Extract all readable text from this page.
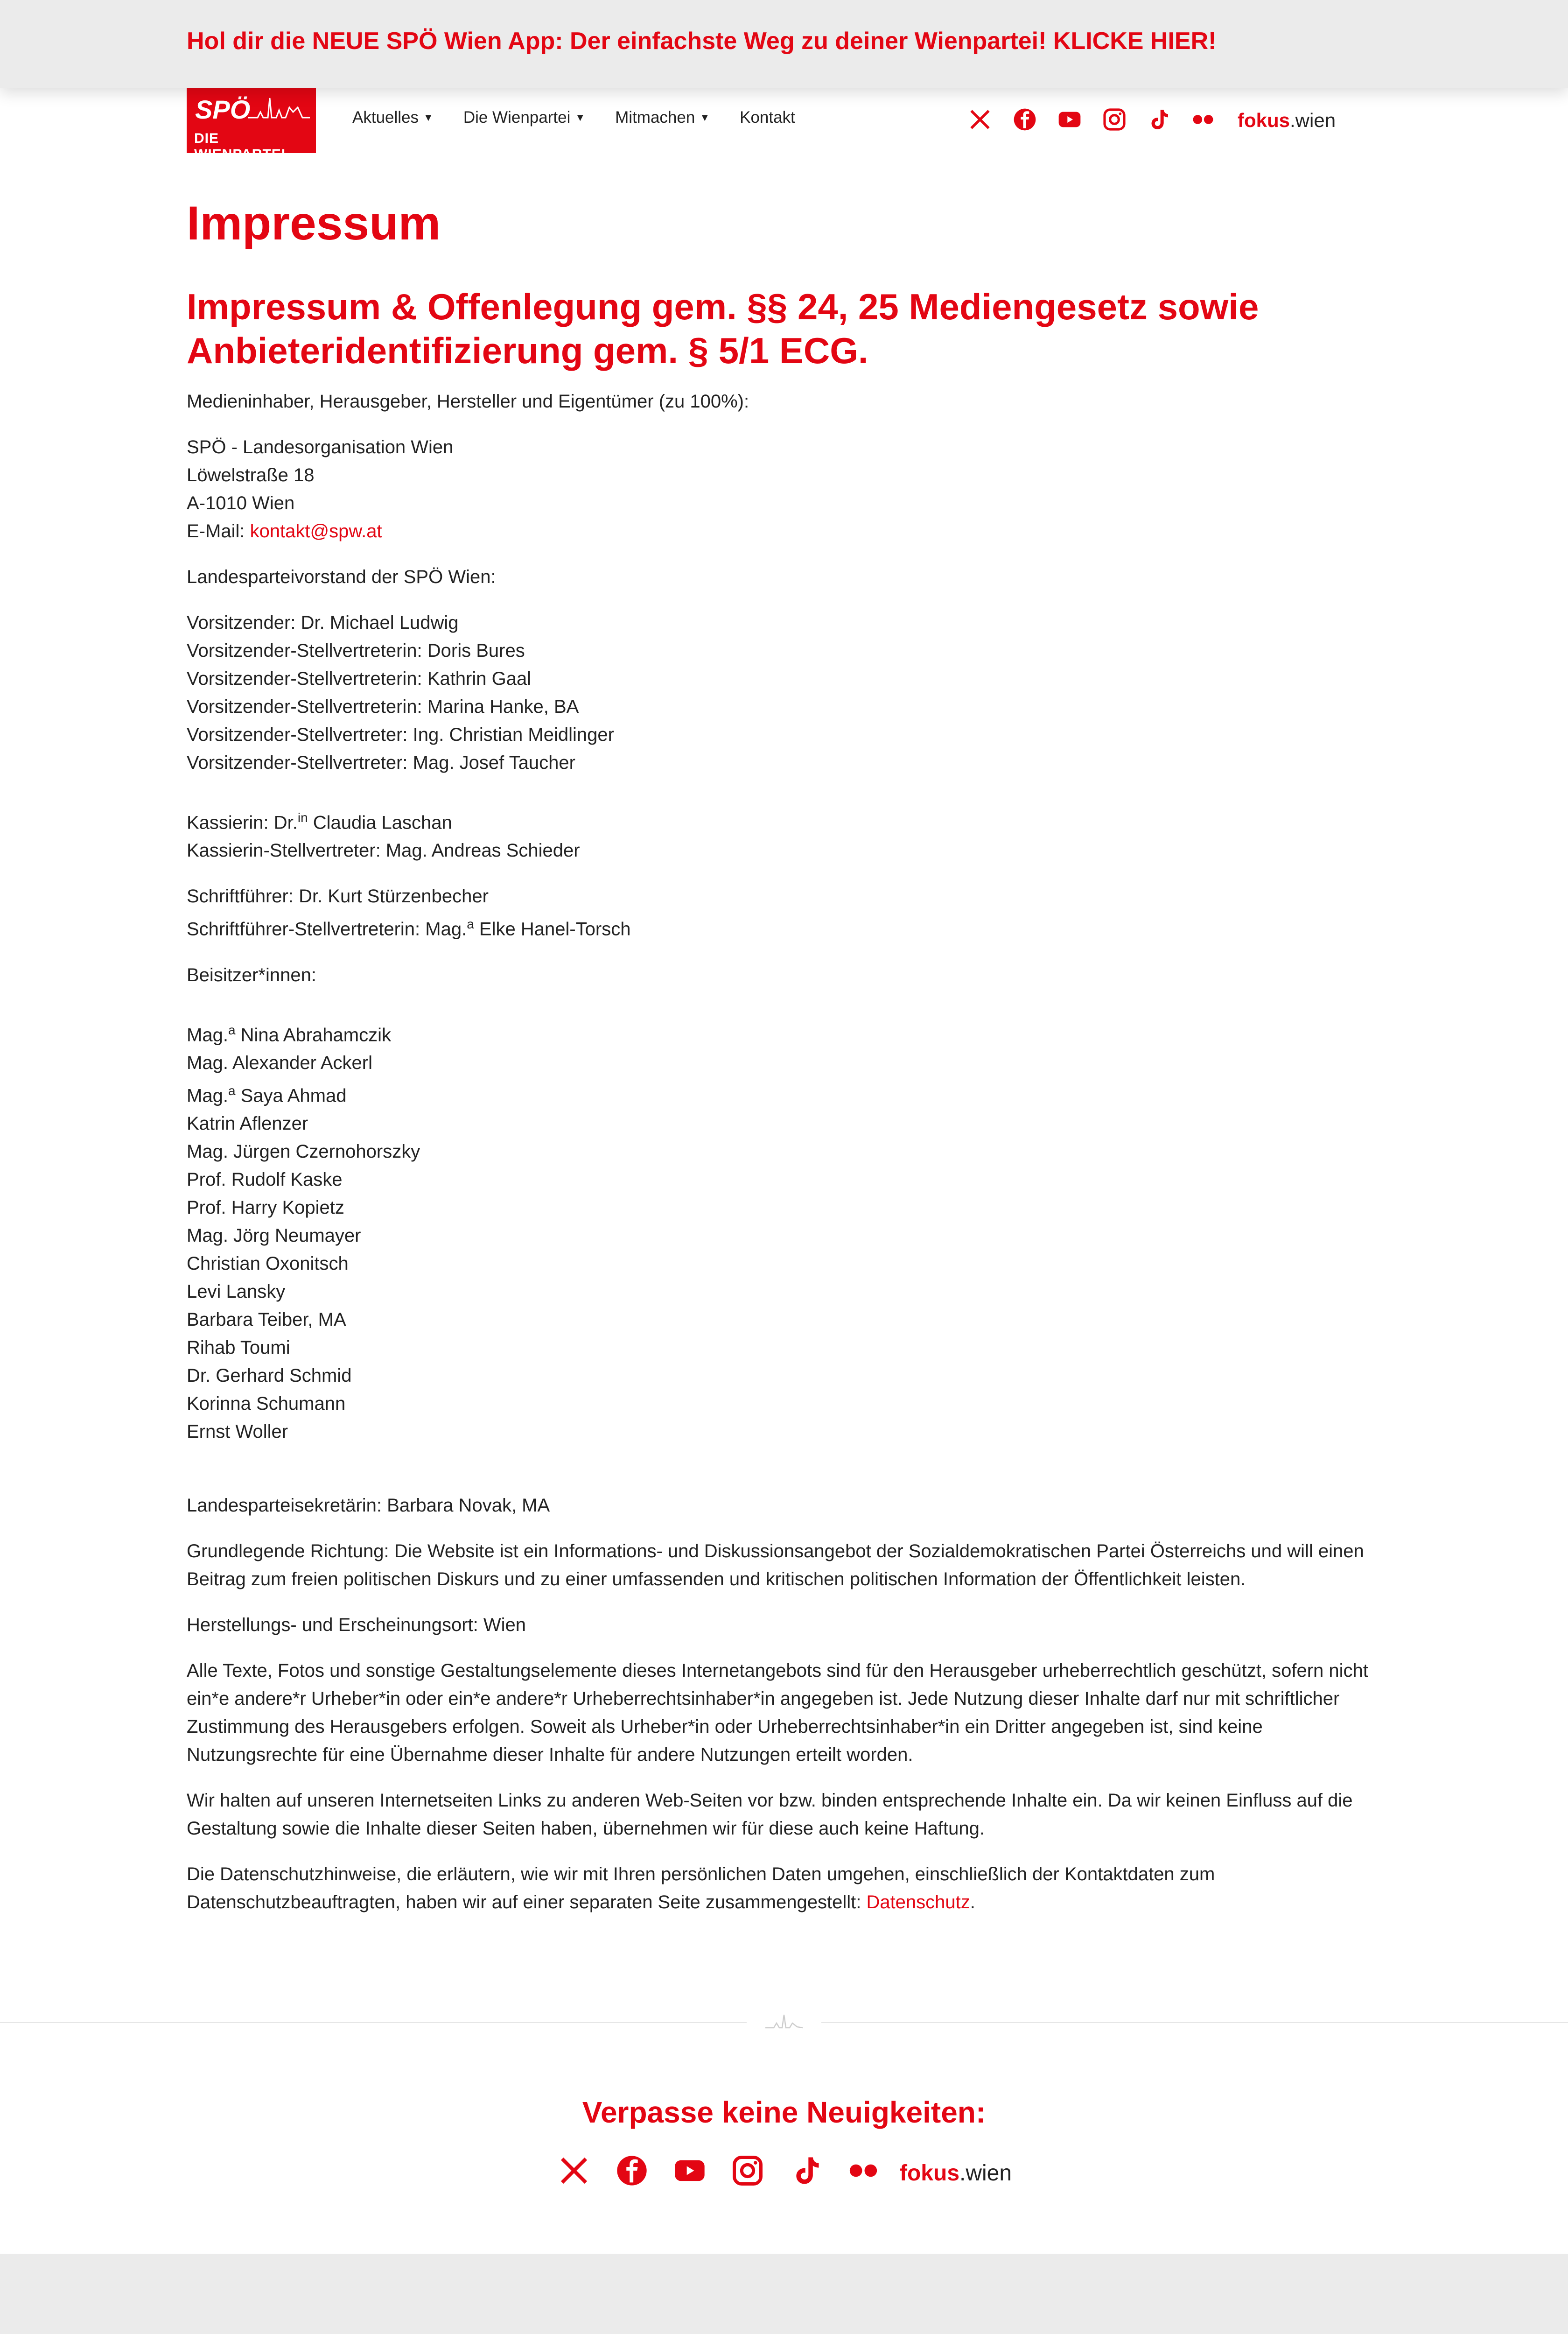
Hol dir die NEUE SPÖ Wien App: Der einfachste Weg zu deiner Wienpartei! KLICKE HIER!
SPÖ
DIE WIENPARTEI.
Aktuelles ▼ Die Wienpartei ▼ Mitmachen ▼ Kontakt	fokus.wien
Impressum
Impressum & Offenlegung gem. §§ 24, 25 Mediengesetz sowie Anbieteridentifizierung gem. § 5/1 ECG.

Medieninhaber, Herausgeber, Hersteller und Eigentümer (zu 100%):

SPÖ - Landesorganisation Wien
Löwelstraße 18
A-1010 Wien
E-Mail: kontakt@spw.at

Landesparteivorstand der SPÖ Wien:

Vorsitzender: Dr. Michael Ludwig
Vorsitzender-Stellvertreterin: Doris Bures
Vorsitzender-Stellvertreterin: Kathrin Gaal
Vorsitzender-Stellvertreterin: Marina Hanke, BA
Vorsitzender-Stellvertreter: Ing. Christian Meidlinger
Vorsitzender-Stellvertreter: Mag. Josef Taucher

Kassierin: Dr.$^{in}$ Claudia Laschan
Kassierin-Stellvertreter: Mag. Andreas Schieder

Schriftführer: Dr. Kurt Stürzenbecher
Schriftführer-Stellvertreterin: Mag.$^a$ Elke Hanel-Torsch

Beisitzer*innen:

Mag.$^a$ Nina Abrahamczik
Mag. Alexander Ackerl
Mag.$^a$ Saya Ahmad
Katrin Aflenzer
Mag. Jürgen Czernohorszky
Prof. Rudolf Kaske
Prof. Harry Kopietz
Mag. Jörg Neumayer
Christian Oxonitsch
Levi Lansky
Barbara Teiber, MA
Rihab Toumi
Dr. Gerhard Schmid
Korinna Schumann
Ernst Woller

Landesparteisekretärin: Barbara Novak, MA

Grundlegende Richtung: Die Website ist ein Informations- und Diskussionsangebot der Sozialdemokratischen Partei Österreichs und will einen Beitrag zum freien politischen Diskurs und zu einer umfassenden und kritischen politischen Information der Öffentlichkeit leisten.

Herstellungs- und Erscheinungsort: Wien

Alle Texte, Fotos und sonstige Gestaltungselemente dieses Internetangebots sind für den Herausgeber urheberrechtlich geschützt, sofern nicht ein*e andere*r Urheber*in oder ein*e andere*r Urheberrechtsinhaber*in angegeben ist. Jede Nutzung dieser Inhalte darf nur mit schriftlicher Zustimmung des Herausgebers erfolgen. Soweit als Urheber*in oder Urheberrechtsinhaber*in ein Dritter angegeben ist, sind keine Nutzungsrechte für eine Übernahme dieser Inhalte für andere Nutzungen erteilt worden.

Wir halten auf unseren Internetseiten Links zu anderen Web-Seiten vor bzw. binden entsprechende Inhalte ein. Da wir keinen Einfluss auf die Gestaltung sowie die Inhalte dieser Seiten haben, übernehmen wir für diese auch keine Haftung.

Die Datenschutzhinweise, die erläutern, wie wir mit Ihren persönlichen Daten umgehen, einschließlich der Kontaktdaten zum Datenschutzbeauftragten, haben wir auf einer separaten Seite zusammengestellt: Datenschutz.

Verpasse keine Neuigkeiten:
fokus.wien
